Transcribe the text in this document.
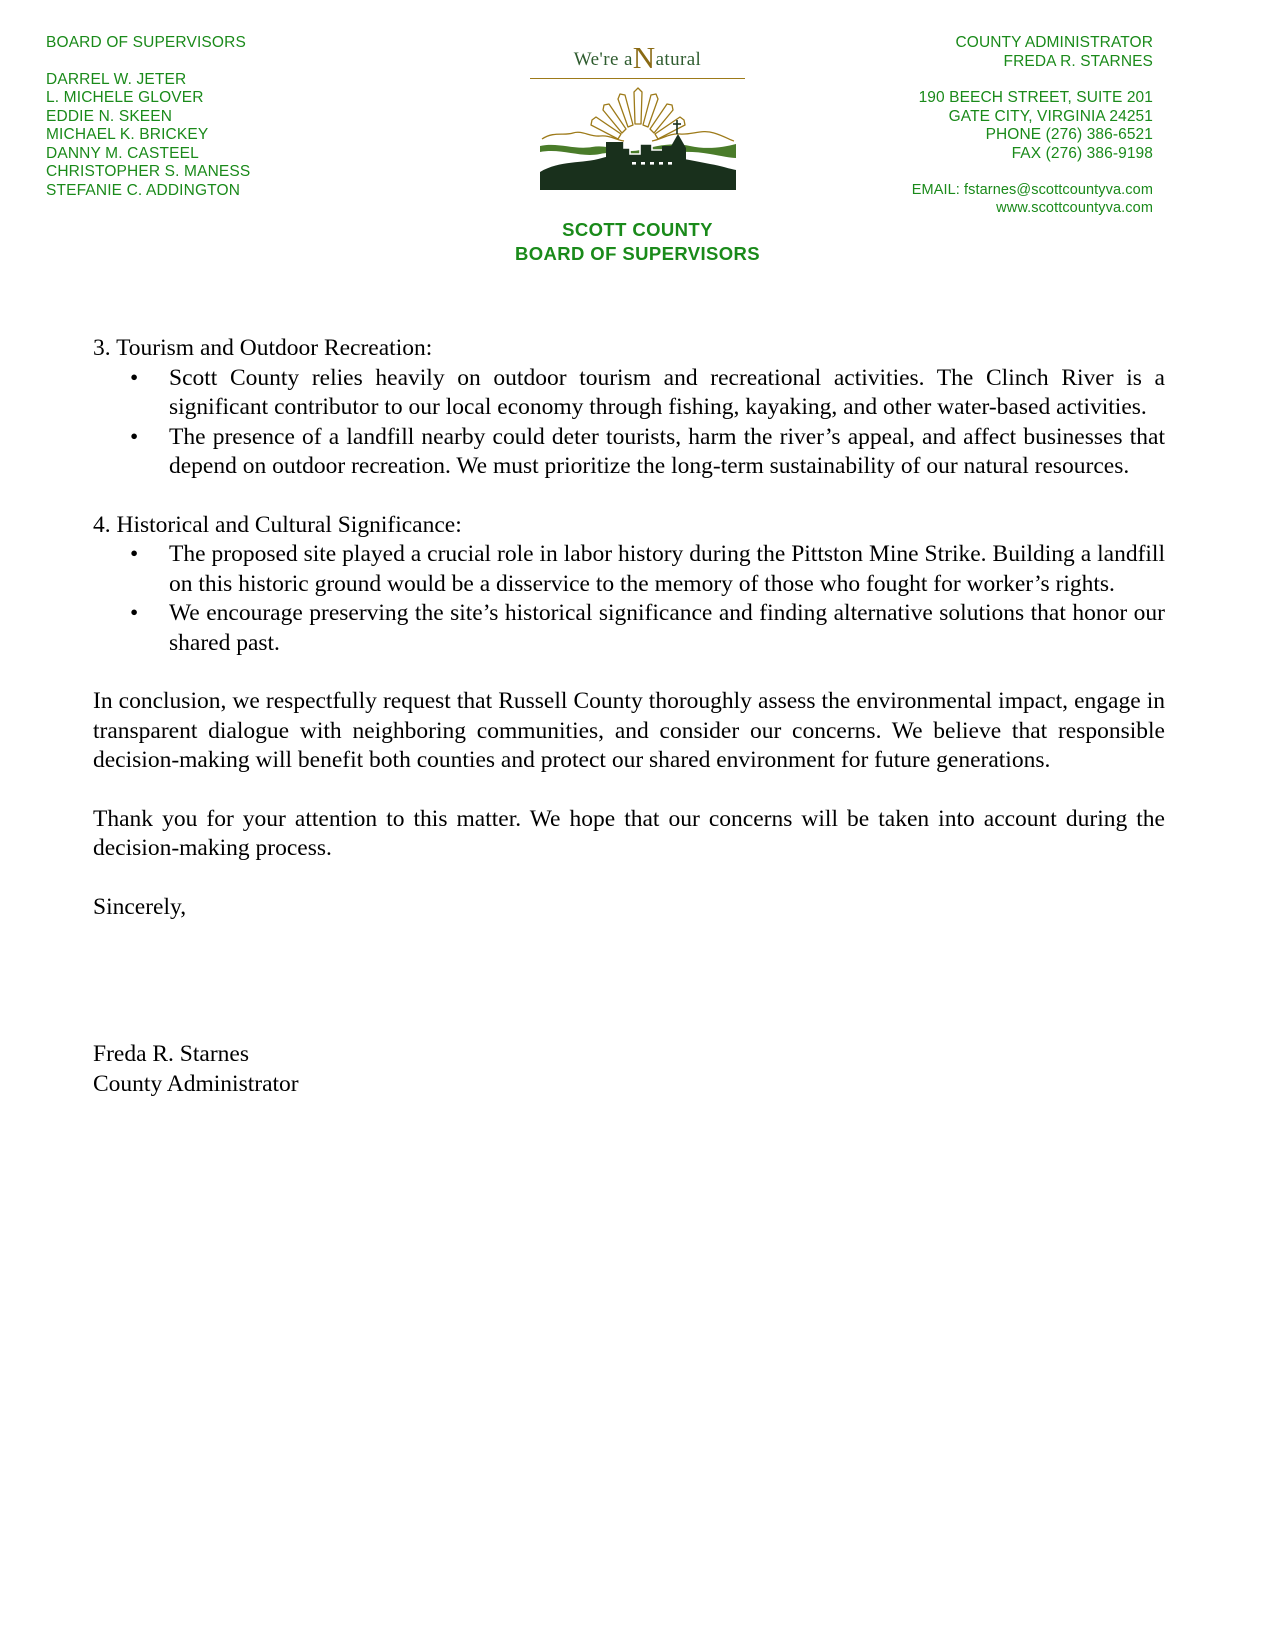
BOARD OF SUPERVISORS
DARREL W. JETER
L. MICHELE GLOVER
EDDIE N. SKEEN
MICHAEL K. BRICKEY
DANNY M. CASTEEL
CHRISTOPHER S. MANESS
STEFANIE C. ADDINGTON
We're aNatural
COUNTY ADMINISTRATOR
FREDA R. STARNES
190 BEECH STREET, SUITE 201
GATE CITY, VIRGINIA 24251
PHONE (276) 386-6521
FAX (276) 386-9198
EMAIL: fstarnes@scottcountyva.com
www.scottcountyva.com
SCOTT COUNTY
BOARD OF SUPERVISORS

3. Tourism and Outdoor Recreation:

• Scott County relies heavily on outdoor tourism and recreational activities. The Clinch River is a significant contributor to our local economy through fishing, kayaking, and other water-based activities.
• The presence of a landfill nearby could deter tourists, harm the river’s appeal, and affect businesses that depend on outdoor recreation. We must prioritize the long-term sustainability of our natural resources.

4. Historical and Cultural Significance:

• The proposed site played a crucial role in labor history during the Pittston Mine Strike. Building a landfill on this historic ground would be a disservice to the memory of those who fought for worker’s rights.
• We encourage preserving the site’s historical significance and finding alternative solutions that honor our shared past.

In conclusion, we respectfully request that Russell County thoroughly assess the environmental impact, engage in transparent dialogue with neighboring communities, and consider our concerns. We believe that responsible decision-making will benefit both counties and protect our shared environment for future generations.

Thank you for your attention to this matter. We hope that our concerns will be taken into account during the decision-making process.

Sincerely,

Freda R. Starnes
County Administrator
